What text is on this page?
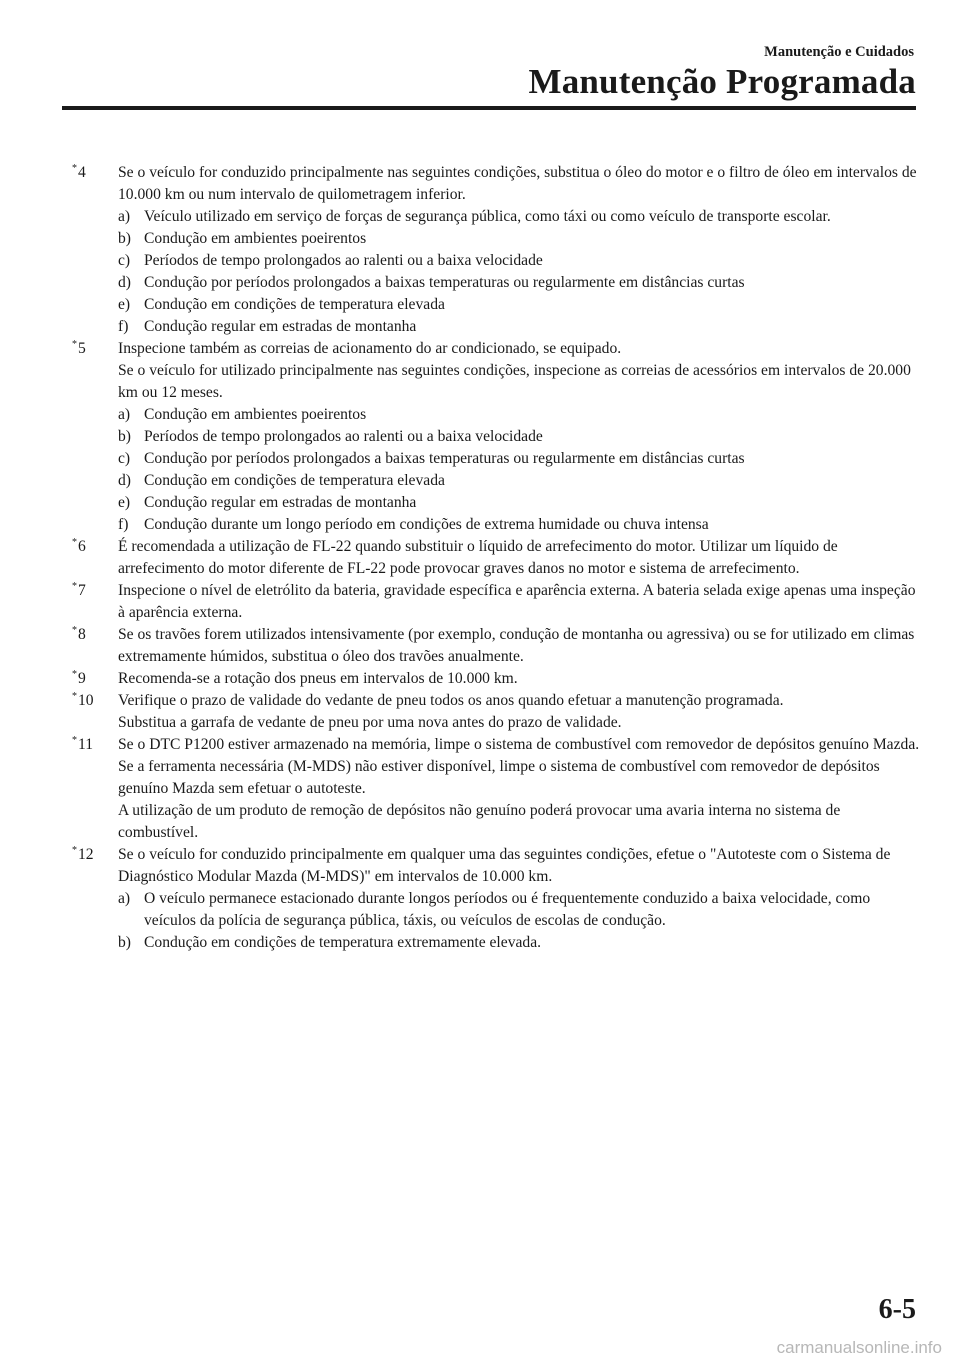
Manutenção e Cuidados
Manutenção Programada
*4 Se o veículo for conduzido principalmente nas seguintes condições, substitua o óleo do motor e o filtro de óleo em intervalos de 10.000 km ou num intervalo de quilometragem inferior.
a) Veículo utilizado em serviço de forças de segurança pública, como táxi ou como veículo de transporte escolar.
b) Condução em ambientes poeirentos
c) Períodos de tempo prolongados ao ralenti ou a baixa velocidade
d) Condução por períodos prolongados a baixas temperaturas ou regularmente em distâncias curtas
e) Condução em condições de temperatura elevada
f) Condução regular em estradas de montanha
*5 Inspecione também as correias de acionamento do ar condicionado, se equipado.
Se o veículo for utilizado principalmente nas seguintes condições, inspecione as correias de acessórios em intervalos de 20.000 km ou 12 meses.
a) Condução em ambientes poeirentos
b) Períodos de tempo prolongados ao ralenti ou a baixa velocidade
c) Condução por períodos prolongados a baixas temperaturas ou regularmente em distâncias curtas
d) Condução em condições de temperatura elevada
e) Condução regular em estradas de montanha
f) Condução durante um longo período em condições de extrema humidade ou chuva intensa
*6 É recomendada a utilização de FL-22 quando substituir o líquido de arrefecimento do motor. Utilizar um líquido de arrefecimento do motor diferente de FL-22 pode provocar graves danos no motor e sistema de arrefecimento.
*7 Inspecione o nível de eletrólito da bateria, gravidade específica e aparência externa. A bateria selada exige apenas uma inspeção à aparência externa.
*8 Se os travões forem utilizados intensivamente (por exemplo, condução de montanha ou agressiva) ou se for utilizado em climas extremamente húmidos, substitua o óleo dos travões anualmente.
*9 Recomenda-se a rotação dos pneus em intervalos de 10.000 km.
*10 Verifique o prazo de validade do vedante de pneu todos os anos quando efetuar a manutenção programada.
Substitua a garrafa de vedante de pneu por uma nova antes do prazo de validade.
*11 Se o DTC P1200 estiver armazenado na memória, limpe o sistema de combustível com removedor de depósitos genuíno Mazda.
Se a ferramenta necessária (M-MDS) não estiver disponível, limpe o sistema de combustível com removedor de depósitos genuíno Mazda sem efetuar o autoteste.
A utilização de um produto de remoção de depósitos não genuíno poderá provocar uma avaria interna no sistema de combustível.
*12 Se o veículo for conduzido principalmente em qualquer uma das seguintes condições, efetue o "Autoteste com o Sistema de Diagnóstico Modular Mazda (M-MDS)" em intervalos de 10.000 km.
a) O veículo permanece estacionado durante longos períodos ou é frequentemente conduzido a baixa velocidade, como veículos da polícia de segurança pública, táxis, ou veículos de escolas de condução.
b) Condução em condições de temperatura extremamente elevada.
6-5
carmanualsonline.info
